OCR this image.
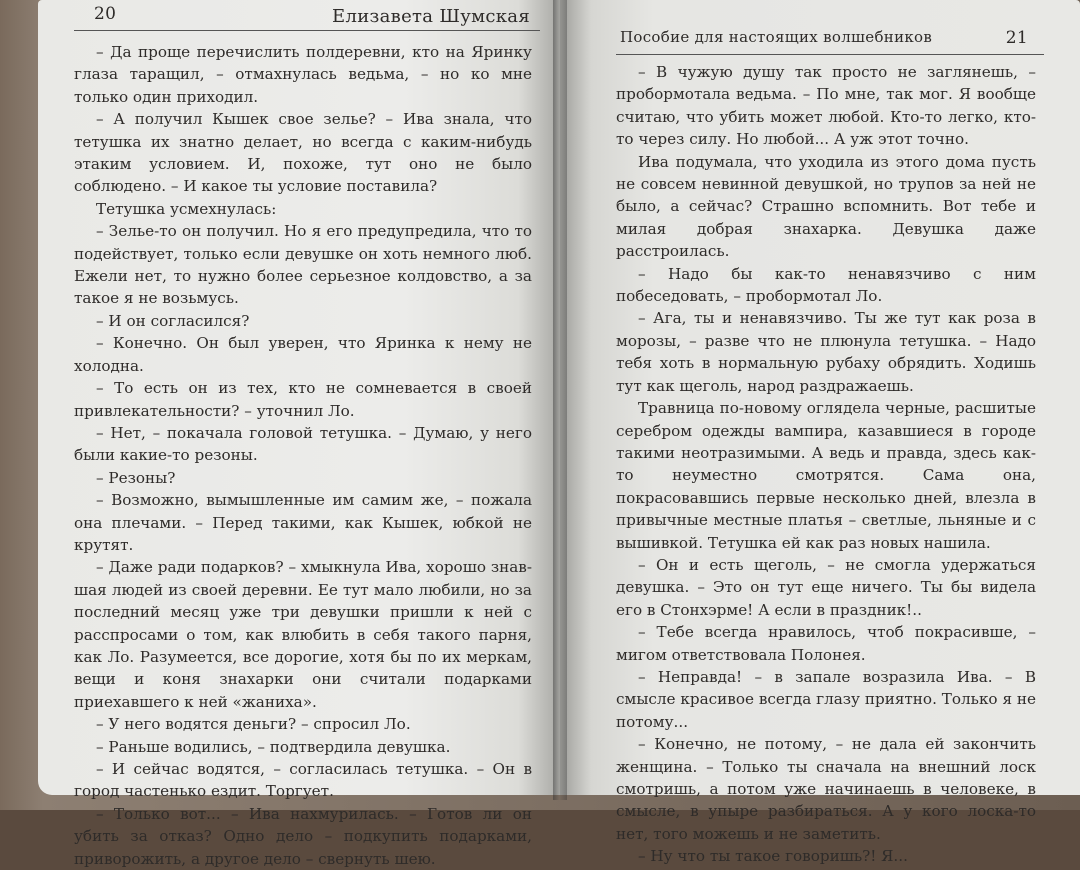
20	Елизавета Шумская

– Да проще перечислить полдеревни, кто на Яринку глаза таращил, – отмахнулась ведьма, – но ко мне только один приходил.

– А получил Кышек свое зелье? – Ива знала, что тетушка их знатно делает, но всегда с каким-нибудь этаким условием. И, похоже, тут оно не было соблюдено. – И какое ты условие поставила?

Тетушка усмехнулась:

– Зелье-то он получил. Но я его предупредила, что то подействует, только если девушке он хоть немного люб. Ежели нет, то нужно более серьезное колдовство, а за такое я не возьмусь.

– И он согласился?

– Конечно. Он был уверен, что Яринка к нему не холодна.

– То есть он из тех, кто не сомневается в своей привлекательности? – уточнил Ло.

– Нет, – покачала головой тетушка. – Думаю, у него были какие-то резоны.

– Резоны?

– Возможно, вымышленные им самим же, – пожала она плечами. – Перед такими, как Кышек, юбкой не крутят.

– Даже ради подарков? – хмыкнула Ива, хорошо знавшая людей из своей деревни. Ее тут мало любили, но за последний месяц уже три девушки пришли к ней с расспросами о том, как влюбить в себя такого парня, как Ло. Разумеется, все дорогие, хотя бы по их меркам, вещи и коня знахарки они считали подарками приехавшего к ней «жаниха».

– У него водятся деньги? – спросил Ло.

– Раньше водились, – подтвердила девушка.

– И сейчас водятся, – согласилась тетушка. – Он в город частенько ездит. Торгует.

– Только вот... – Ива нахмурилась. – Готов ли он убить за отказ? Одно дело – подкупить подарками, приворожить, а другое дело – свернуть шею.

Пособие для настоящих волшебников	21

– В чужую душу так просто не заглянешь, – пробормотала ведьма. – По мне, так мог. Я вообще считаю, что убить может любой. Кто-то легко, кто-то через силу. Но любой... А уж этот точно.

Ива подумала, что уходила из этого дома пусть не совсем невинной девушкой, но трупов за ней не было, а сейчас? Страшно вспомнить. Вот тебе и милая добрая знахарка. Девушка даже расстроилась.

– Надо бы как-то ненавязчиво с ним побеседовать, – пробормотал Ло.

– Ага, ты и ненавязчиво. Ты же тут как роза в морозы, – разве что не плюнула тетушка. – Надо тебя хоть в нормальную рубаху обрядить. Ходишь тут как щеголь, народ раздражаешь.

Травница по-новому оглядела черные, расшитые серебром одежды вампира, казавшиеся в городе такими неотразимыми. А ведь и правда, здесь как-то неуместно смотрятся. Сама она, покрасовавшись первые несколько дней, влезла в привычные местные платья – светлые, льняные и с вышивкой. Тетушка ей как раз новых нашила.

– Он и есть щеголь, – не смогла удержаться девушка. – Это он тут еще ничего. Ты бы видела его в Стонхэрме! А если в праздник!..

– Тебе всегда нравилось, чтоб покрасивше, – мигом ответствовала Полонея.

– Неправда! – в запале возразила Ива. – В смысле красивое всегда глазу приятно. Только я не потому...

– Конечно, не потому, – не дала ей закончить женщина. – Только ты сначала на внешний лоск смотришь, а потом уже начинаешь в человеке, в смысле, в упыре разбираться. А у кого лоска-то нет, того можешь и не заметить.

– Ну что ты такое говоришь?! Я...
